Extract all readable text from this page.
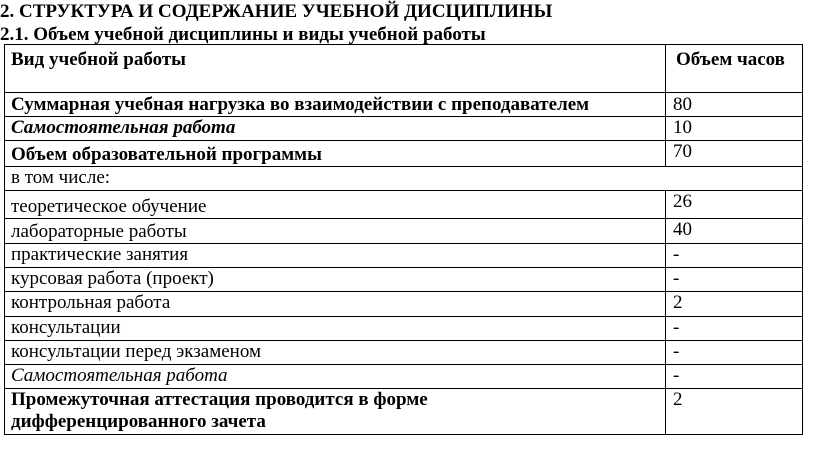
2. СТРУКТУРА И СОДЕРЖАНИЕ УЧЕБНОЙ ДИСЦИПЛИНЫ
2.1. Объем учебной дисциплины и виды учебной работы
Вид учебной работы	Объем часов
Суммарная учебная нагрузка во взаимодействии с преподавателем	80
Самостоятельная работа	10
Объем образовательной программы	70
в том числе:	
теоретическое обучение	26
лабораторные работы	40
практические занятия	-
курсовая работа (проект)	-
контрольная работа	2
консультации	-
консультации перед экзаменом	-
Самостоятельная работа	-
Промежуточная аттестация проводится в форме дифференцированного зачета	2
